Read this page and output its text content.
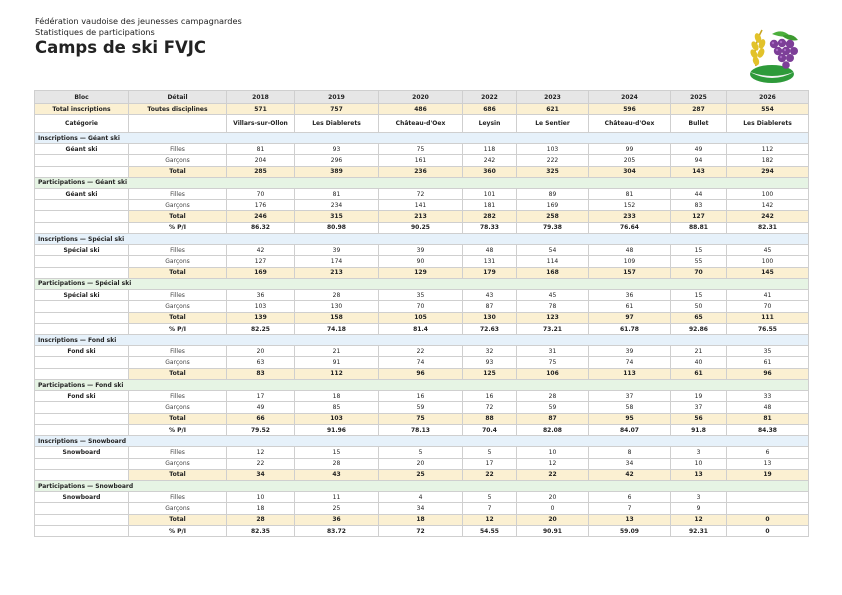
Fédération vaudoise des jeunesses campagnardes
Statistiques de participations
Camps de ski FVJC
Bloc	Détail	2018	2019	2020	2022	2023	2024	2025	2026
Total inscriptions	Toutes disciplines	571	757	486	686	621	596	287	554
Catégorie		Villars-sur-Ollon	Les Diablerets	Château-d'Oex	Leysin	Le Sentier	Château-d'Oex	Bullet	Les Diablerets
Inscriptions — Géant ski									
Géant ski	Filles	81	93	75	118	103	99	49	112
	Garçons	204	296	161	242	222	205	94	182
	Total	285	389	236	360	325	304	143	294
Participations — Géant ski									
Géant ski	Filles	70	81	72	101	89	81	44	100
	Garçons	176	234	141	181	169	152	83	142
	Total	246	315	213	282	258	233	127	242
	% P/I	86.32	80.98	90.25	78.33	79.38	76.64	88.81	82.31
Inscriptions — Spécial ski									
Spécial ski	Filles	42	39	39	48	54	48	15	45
	Garçons	127	174	90	131	114	109	55	100
	Total	169	213	129	179	168	157	70	145
Participations — Spécial ski									
Spécial ski	Filles	36	28	35	43	45	36	15	41
	Garçons	103	130	70	87	78	61	50	70
	Total	139	158	105	130	123	97	65	111
	% P/I	82.25	74.18	81.4	72.63	73.21	61.78	92.86	76.55
Inscriptions — Fond ski									
Fond ski	Filles	20	21	22	32	31	39	21	35
	Garçons	63	91	74	93	75	74	40	61
	Total	83	112	96	125	106	113	61	96
Participations — Fond ski									
Fond ski	Filles	17	18	16	16	28	37	19	33
	Garçons	49	85	59	72	59	58	37	48
	Total	66	103	75	88	87	95	56	81
	% P/I	79.52	91.96	78.13	70.4	82.08	84.07	91.8	84.38
Inscriptions — Snowboard									
Snowboard	Filles	12	15	5	5	10	8	3	6
	Garçons	22	28	20	17	12	34	10	13
	Total	34	43	25	22	22	42	13	19
Participations — Snowboard									
Snowboard	Filles	10	11	4	5	20	6	3	
	Garçons	18	25	34	7	0	7	9	
	Total	28	36	18	12	20	13	12	0
	% P/I	82.35	83.72	72	54.55	90.91	59.09	92.31	0
